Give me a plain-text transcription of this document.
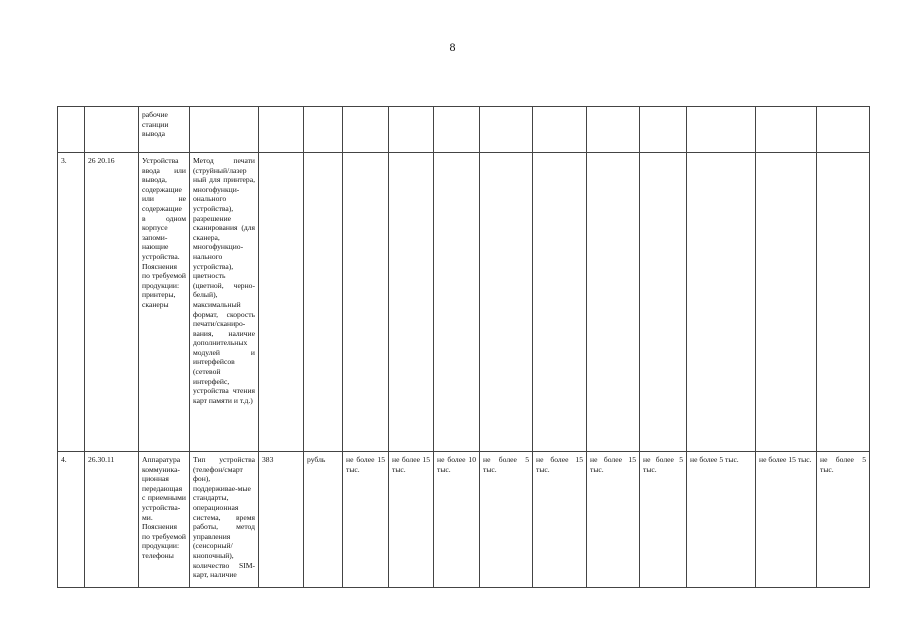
8
		рабочие станции вывода													
3.	26 20.16	Устройства ввода или вывода, содержащие или не содержащие в одном корпусе запоми-нающие устройства. Пояснения по требуемой продукции: принтеры, сканеры	Метод печати (струйный/лазер ный для принтера, многофункци-онального устройства), разрешение сканирования (для сканера, многофункцио-нального устройства), цветность (цветной, черно-белый), максимальный формат, скорость печати/сканиро-вания, наличие дополнительных модулей и интерфейсов (сетевой интерфейс, устройства чтения карт памяти и т.д.)												
4.	26.30.11	Аппаратура коммуника-ционная передающая с приемными устройства-ми. Пояснения по требуемой продукции: телефоны	Тип устройства (телефон/смарт фон), поддерживае-мые стандарты, операционная система, время работы, метод управления (сенсорный/ кнопочный), количество SIM-карт, наличие	383	рубль	не более 15 тыс.	не более 15 тыс.	не более 10 тыс.	не более 5 тыс.	не более 15 тыс.	не более 15 тыс.	не более 5 тыс.	не более 5 тыс.	не более 15 тыс.	не более 5 тыс.
